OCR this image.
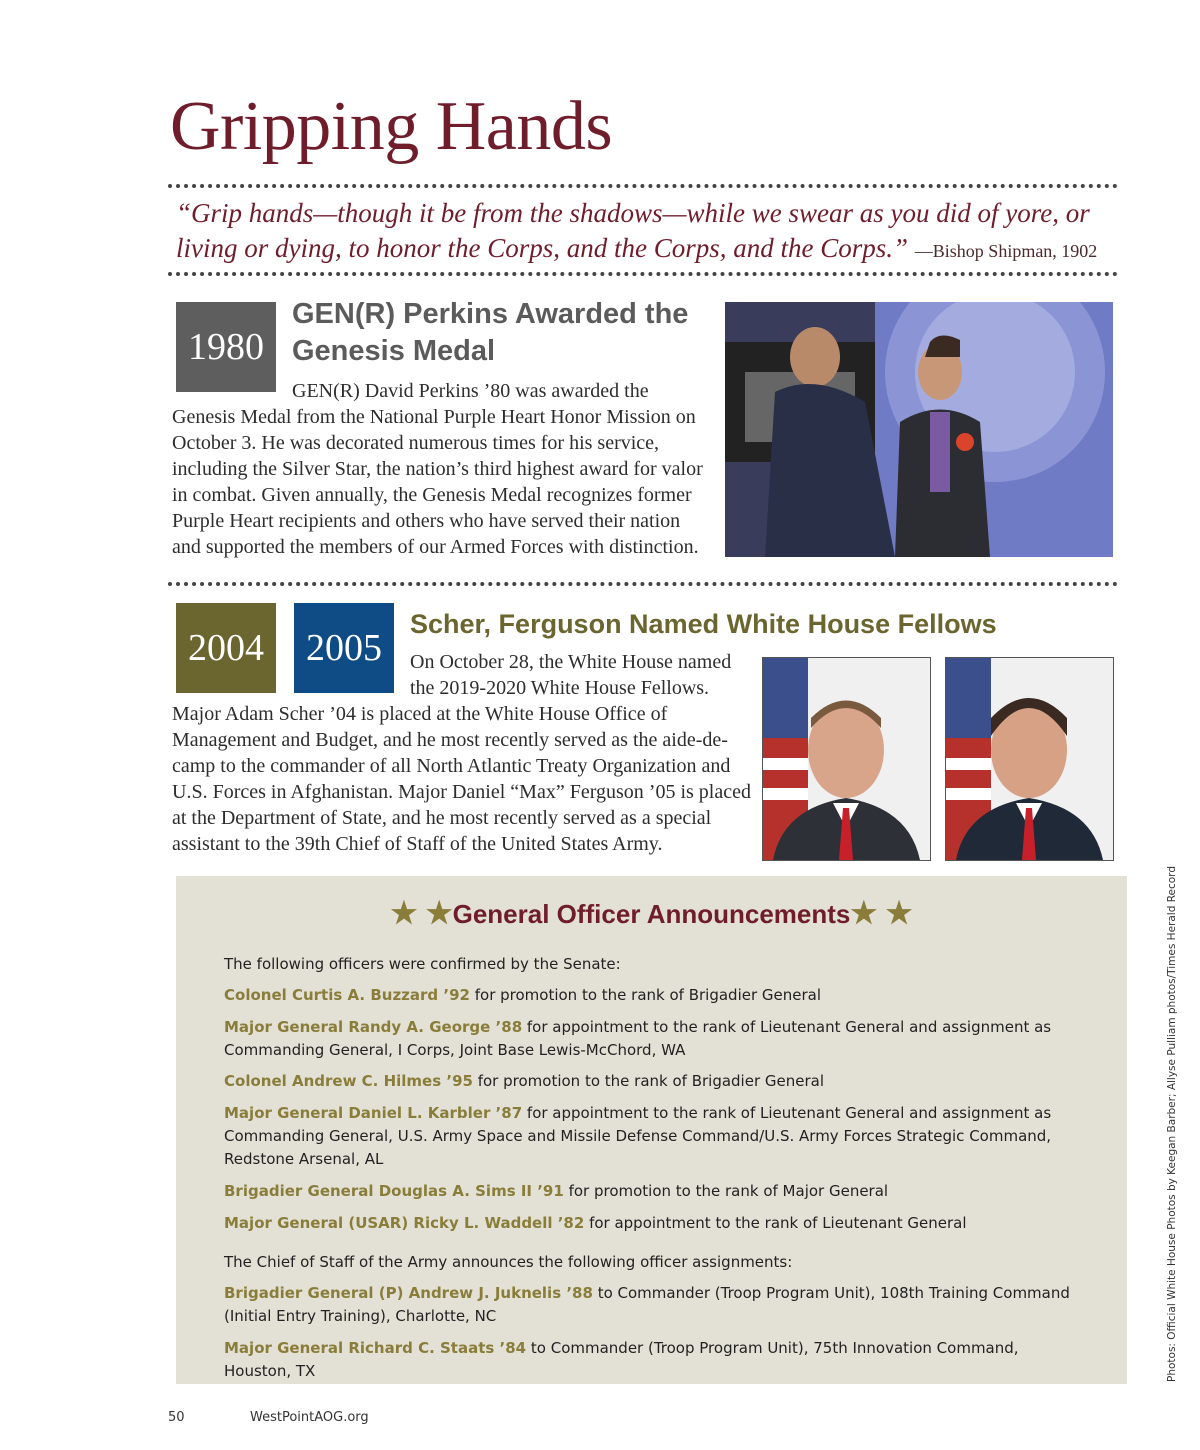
Gripping Hands
“Grip hands—though it be from the shadows—while we swear as you did of yore, or living or dying, to honor the Corps, and the Corps, and the Corps.” —Bishop Shipman, 1902
1980
GEN(R) Perkins Awarded the Genesis Medal
GEN(R) David Perkins ’80 was awarded the Genesis Medal from the National Purple Heart Honor Mission on October 3. He was decorated numerous times for his service, including the Silver Star, the nation’s third highest award for valor in combat. Given annually, the Genesis Medal recognizes former Purple Heart recipients and others who have served their nation and supported the members of our Armed Forces with distinction.
2004	2005
Scher, Ferguson Named White House Fellows
On October 28, the White House named the 2019-2020 White House Fellows. Major Adam Scher ’04 is placed at the White House Office of Management and Budget, and he most recently served as the aide-de-camp to the commander of all North Atlantic Treaty Organization and U.S. Forces in Afghanistan. Major Daniel “Max” Ferguson ’05 is placed at the Department of State, and he most recently served as a special assistant to the 39th Chief of Staff of the United States Army.
★ ★General Officer Announcements★ ★
The following officers were confirmed by the Senate:
Colonel Curtis A. Buzzard ’92 for promotion to the rank of Brigadier General
Major General Randy A. George ’88 for appointment to the rank of Lieutenant General and assignment as Commanding General, I Corps, Joint Base Lewis-McChord, WA
Colonel Andrew C. Hilmes ’95 for promotion to the rank of Brigadier General
Major General Daniel L. Karbler ’87 for appointment to the rank of Lieutenant General and assignment as Commanding General, U.S. Army Space and Missile Defense Command/U.S. Army Forces Strategic Command, Redstone Arsenal, AL
Brigadier General Douglas A. Sims II ’91 for promotion to the rank of Major General
Major General (USAR) Ricky L. Waddell ’82 for appointment to the rank of Lieutenant General
The Chief of Staff of the Army announces the following officer assignments:
Brigadier General (P) Andrew J. Juknelis ’88 to Commander (Troop Program Unit), 108th Training Command (Initial Entry Training), Charlotte, NC
Major General Richard C. Staats ’84 to Commander (Troop Program Unit), 75th Innovation Command, Houston, TX
50	WestPointAOG.org
Photos: Official White House Photos by Keegan Barber; Allyse Pulliam photos/Times Herald Record
